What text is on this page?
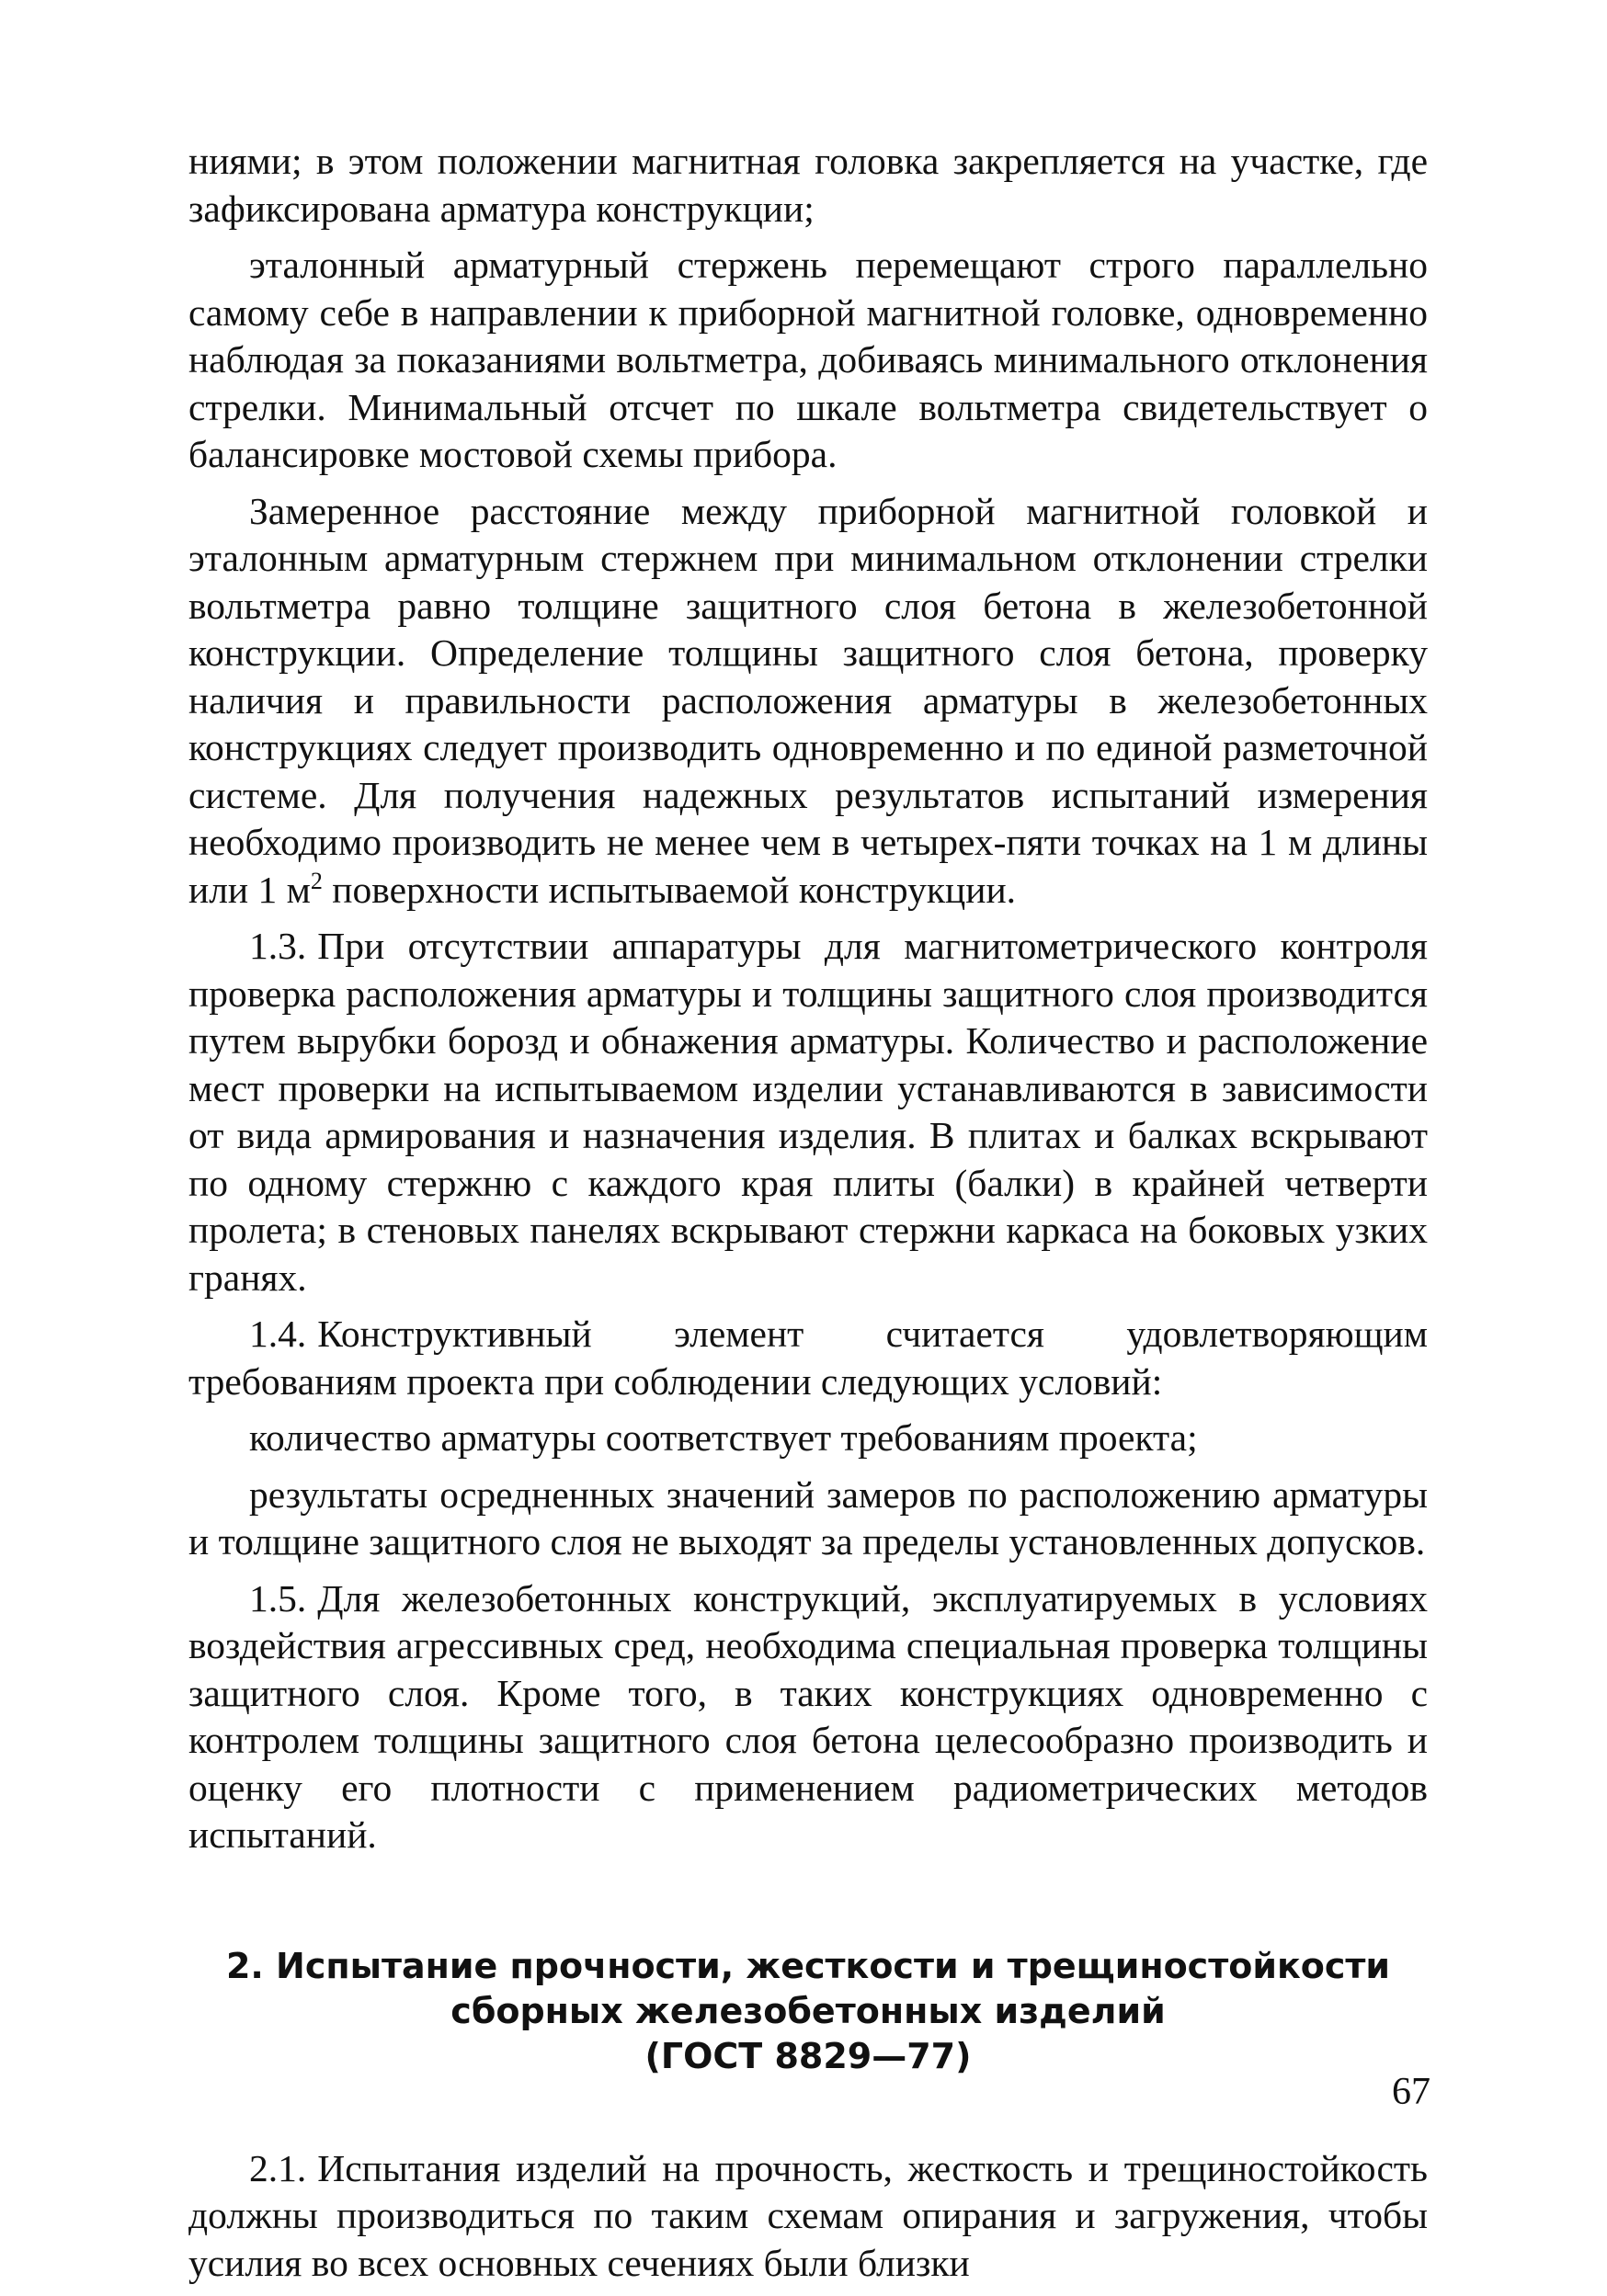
ниями; в этом положении магнитная головка закрепляется на участке, где зафиксирована арматура конструкции;

эталонный арматурный стержень перемещают строго параллельно самому себе в направлении к приборной магнитной головке, одновременно наблюдая за показаниями вольтметра, добиваясь минимального отклонения стрелки. Минимальный отсчет по шкале вольтметра свидетельствует о балансировке мостовой схемы прибора.

Замеренное расстояние между приборной магнитной головкой и эталонным арматурным стержнем при минимальном отклонении стрелки вольтметра равно толщине защитного слоя бетона в железобетонной конструкции. Определение толщины защитного слоя бетона, проверку наличия и правильности расположения арматуры в железобетонных конструкциях следует производить одновременно и по единой разметочной системе. Для получения надежных результатов испытаний измерения необходимо производить не менее чем в четырех-пяти точках на 1 м длины или 1 $м^2$ поверхности испытываемой конструкции.

1.3. При отсутствии аппаратуры для магнитометрического контроля проверка расположения арматуры и толщины защитного слоя производится путем вырубки борозд и обнажения арматуры. Количество и расположение мест проверки на испытываемом изделии устанавливаются в зависимости от вида армирования и назначения изделия. В плитах и балках вскрывают по одному стержню с каждого края плиты (балки) в крайней четверти пролета; в стеновых панелях вскрывают стержни каркаса на боковых узких гранях.

1.4. Конструктивный элемент считается удовлетворяющим требованиям проекта при соблюдении следующих условий:

количество арматуры соответствует требованиям проекта;

результаты осредненных значений замеров по расположению арматуры и толщине защитного слоя не выходят за пределы установленных допусков.

1.5. Для железобетонных конструкций, эксплуатируемых в условиях воздействия агрессивных сред, необходима специальная проверка толщины защитного слоя. Кроме того, в таких конструкциях одновременно с контролем толщины защитного слоя бетона целесообразно производить и оценку его плотности с применением радиометрических методов испытаний.

2. Испытание прочности, жесткости и трещиностойкости
сборных железобетонных изделий
(ГОСТ 8829—77)

2.1. Испытания изделий на прочность, жесткость и трещиностойкость должны производиться по таким схемам опирания и загружения, чтобы усилия во всех основных сечениях были близки

67
